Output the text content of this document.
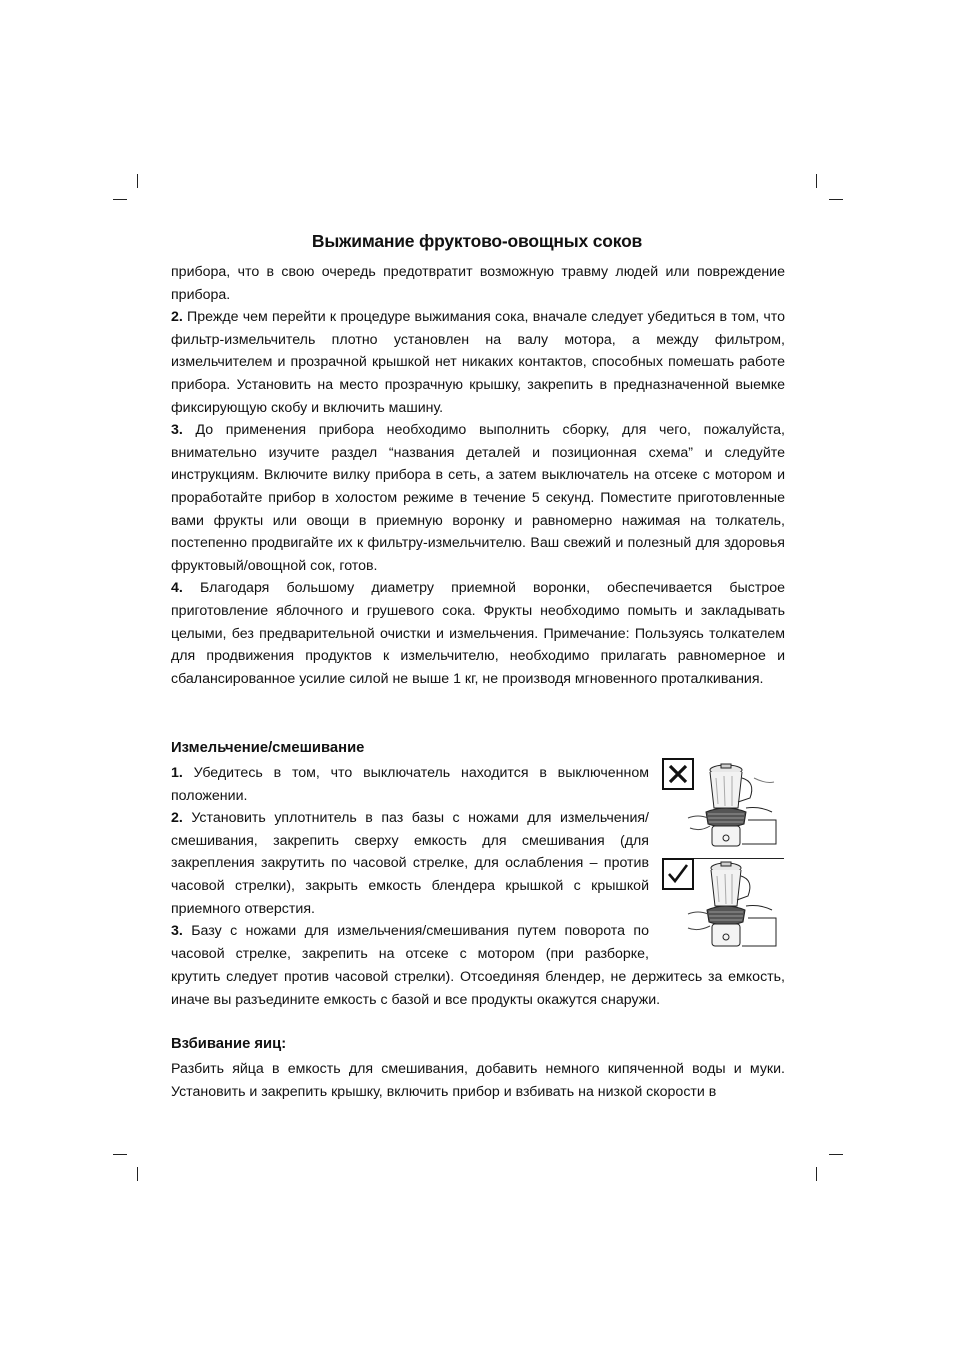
Выжимание фруктово-овощных соков

прибора, что в свою очередь предотвратит возможную травму людей или повреждение прибора.

2. Прежде чем перейти к процедуре выжимания сока, вначале следует убедиться в том, что фильтр-измельчитель плотно установлен на валу мотора, а между фильтром, измельчителем и прозрачной крышкой нет никаких контактов, способных помешать работе прибора. Установить на место прозрачную крышку, закрепить в предназначенной выемке фиксирующую скобу и включить машину.

3. До применения прибора необходимо выполнить сборку, для чего, пожалуйста, внимательно изучите раздел “названия деталей и позиционная схема” и следуйте инструкциям. Включите вилку прибора в сеть, а затем выключатель на отсеке с мотором и проработайте прибор в холостом режиме в течение 5 секунд. Поместите приготовленные вами фрукты или овощи в приемную воронку и равномерно нажимая на толкатель, постепенно продвигайте их к фильтру-измельчителю. Ваш свежий и полезный для здоровья фруктовый/овощной сок, готов.

4. Благодаря большому диаметру приемной воронки, обеспечивается быстрое приготовление яблочного и грушевого сока. Фрукты необходимо помыть и закладывать целыми, без предварительной очистки и измельчения. Примечание: Пользуясь толкателем для продвижения продуктов к измельчителю, необходимо прилагать равномерное и сбалансированное усилие силой не выше 1 кг, не производя мгновенного проталкивания.

Измельчение/смешивание

1. Убедитесь в том, что выключатель находится в выключенном положении.

2. Установить уплотнитель в паз базы с ножами для измельчения/смешивания, закрепить сверху емкость для смешивания (для закрепления закрутить по часовой стрелке, для ослабления – против часовой стрелки), закрыть емкость блендера крышкой с крышкой приемного отверстия.

3. Базу с ножами для измельчения/смешивания путем поворота по часовой стрелке, закрепить на отсеке с мотором (при разборке,

крутить следует против часовой стрелки). Отсоединяя блендер, не держитесь за емкость, иначе вы разъедините емкость с базой и все продукты окажутся снаружи.

Взбивание яиц:

Разбить яйца в емкость для смешивания, добавить немного кипяченной воды и муки. Установить и закрепить крышку, включить прибор и взбивать на низкой скорости в
